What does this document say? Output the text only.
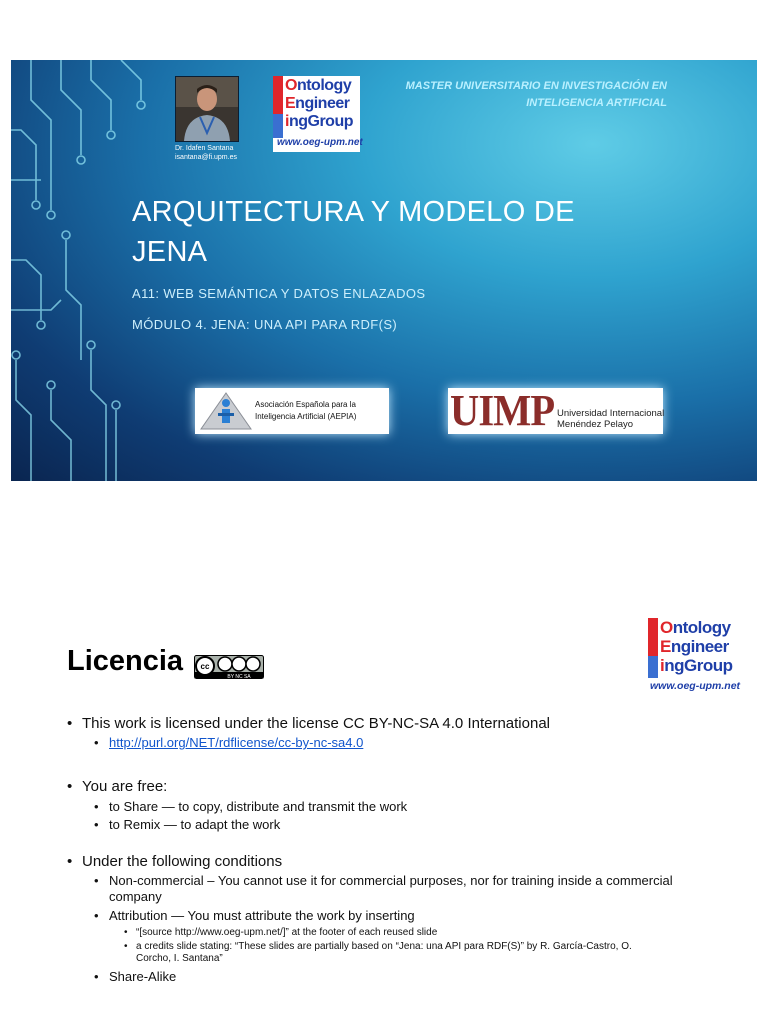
Dr. Idafen Santana
isantana@fi.upm.es
Ontology
Engineer
ingGroup
www.oeg-upm.net
MASTER UNIVERSITARIO EN INVESTIGACIÓN EN
INTELIGENCIA ARTIFICIAL
ARQUITECTURA Y MODELO DE
JENA
A11: WEB SEMÁNTICA Y DATOS ENLAZADOS
MÓDULO 4. JENA: UNA API PARA RDF(S)
Asociación Española para la
Inteligencia Artificial (AEPIA) UIMP Universidad Internacional
Menéndez Pelayo
Ontology
Engineer
ingGroup
www.oeg-upm.net
Licencia cc
BY NC SA
• This work is licensed under the license CC BY-NC-SA 4.0 International
• http://purl.org/NET/rdflicense/cc-by-nc-sa4.0
• You are free:
• to Share — to copy, distribute and transmit the work
• to Remix — to adapt the work
• Under the following conditions
• Non-commercial – You cannot use it for commercial purposes, nor for training inside a commercial company
• Attribution — You must attribute the work by inserting
• “[source http://www.oeg-upm.net/]” at the footer of each reused slide
• a credits slide stating: “These slides are partially based on “Jena: una API para RDF(S)” by R. García-Castro, O. Corcho, I. Santana”
• Share-Alike
